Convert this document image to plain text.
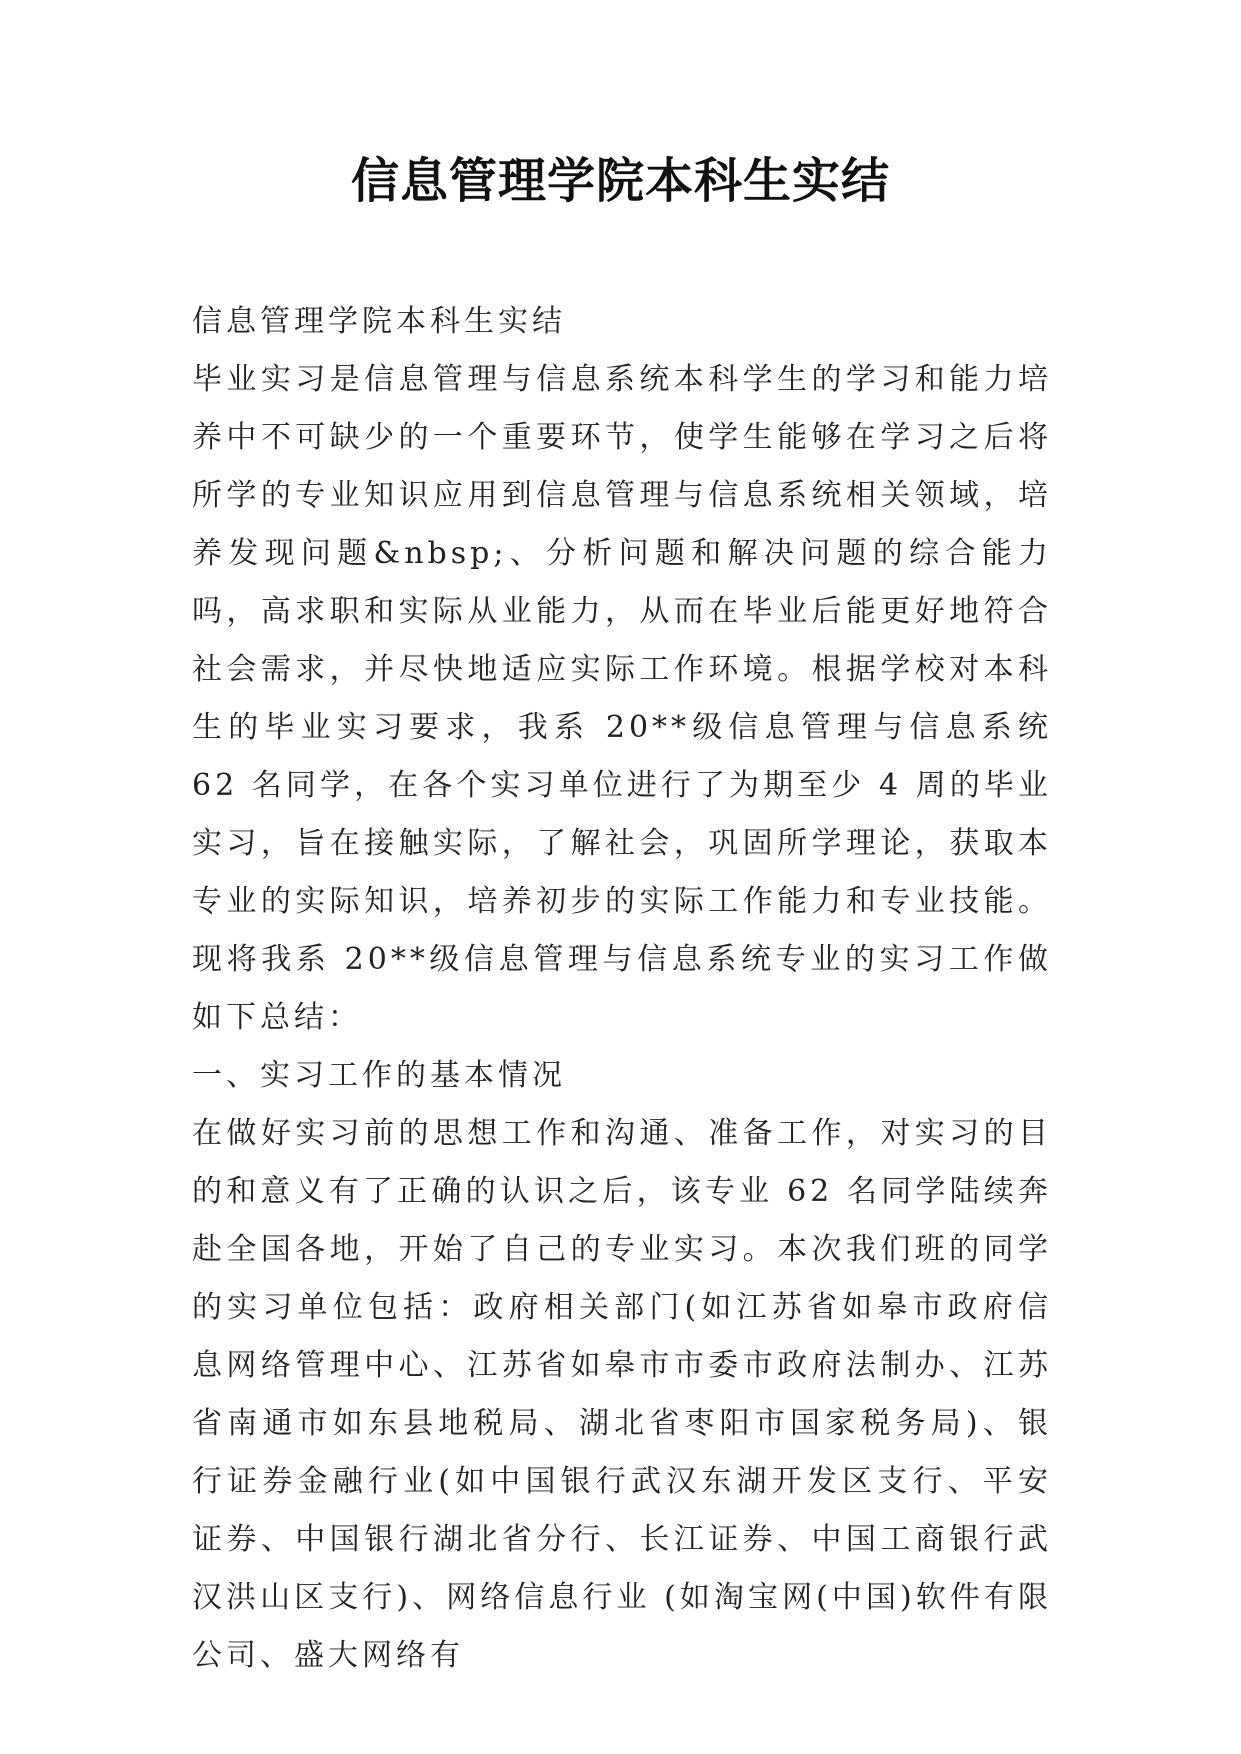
信息管理学院本科生实结

信息管理学院本科生实结

毕业实习是信息管理与信息系统本科学生的学习和能力培养中不可缺少的一个重要环节，使学生能够在学习之后将所学的专业知识应用到信息管理与信息系统相关领域，培养发现问题&nbsp;、分析问题和解决问题的综合能力吗，高求职和实际从业能力，从而在毕业后能更好地符合社会需求，并尽快地适应实际工作环境。根据学校对本科生的毕业实习要求，我系 20**级信息管理与信息系统 62 名同学，在各个实习单位进行了为期至少 4 周的毕业实习，旨在接触实际，了解社会，巩固所学理论，获取本专业的实际知识，培养初步的实际工作能力和专业技能。现将我系 20**级信息管理与信息系统专业的实习工作做如下总结：

一、实习工作的基本情况

在做好实习前的思想工作和沟通、准备工作，对实习的目的和意义有了正确的认识之后，该专业 62 名同学陆续奔赴全国各地，开始了自己的专业实习。本次我们班的同学的实习单位包括：政府相关部门(如江苏省如皋市政府信息网络管理中心、江苏省如皋市市委市政府法制办、江苏省南通市如东县地税局、湖北省枣阳市国家税务局)、银行证券金融行业(如中国银行武汉东湖开发区支行、平安证券、中国银行湖北省分行、长江证券、中国工商银行武汉洪山区支行)、网络信息行业 (如淘宝网(中国)软件有限公司、盛大网络有
